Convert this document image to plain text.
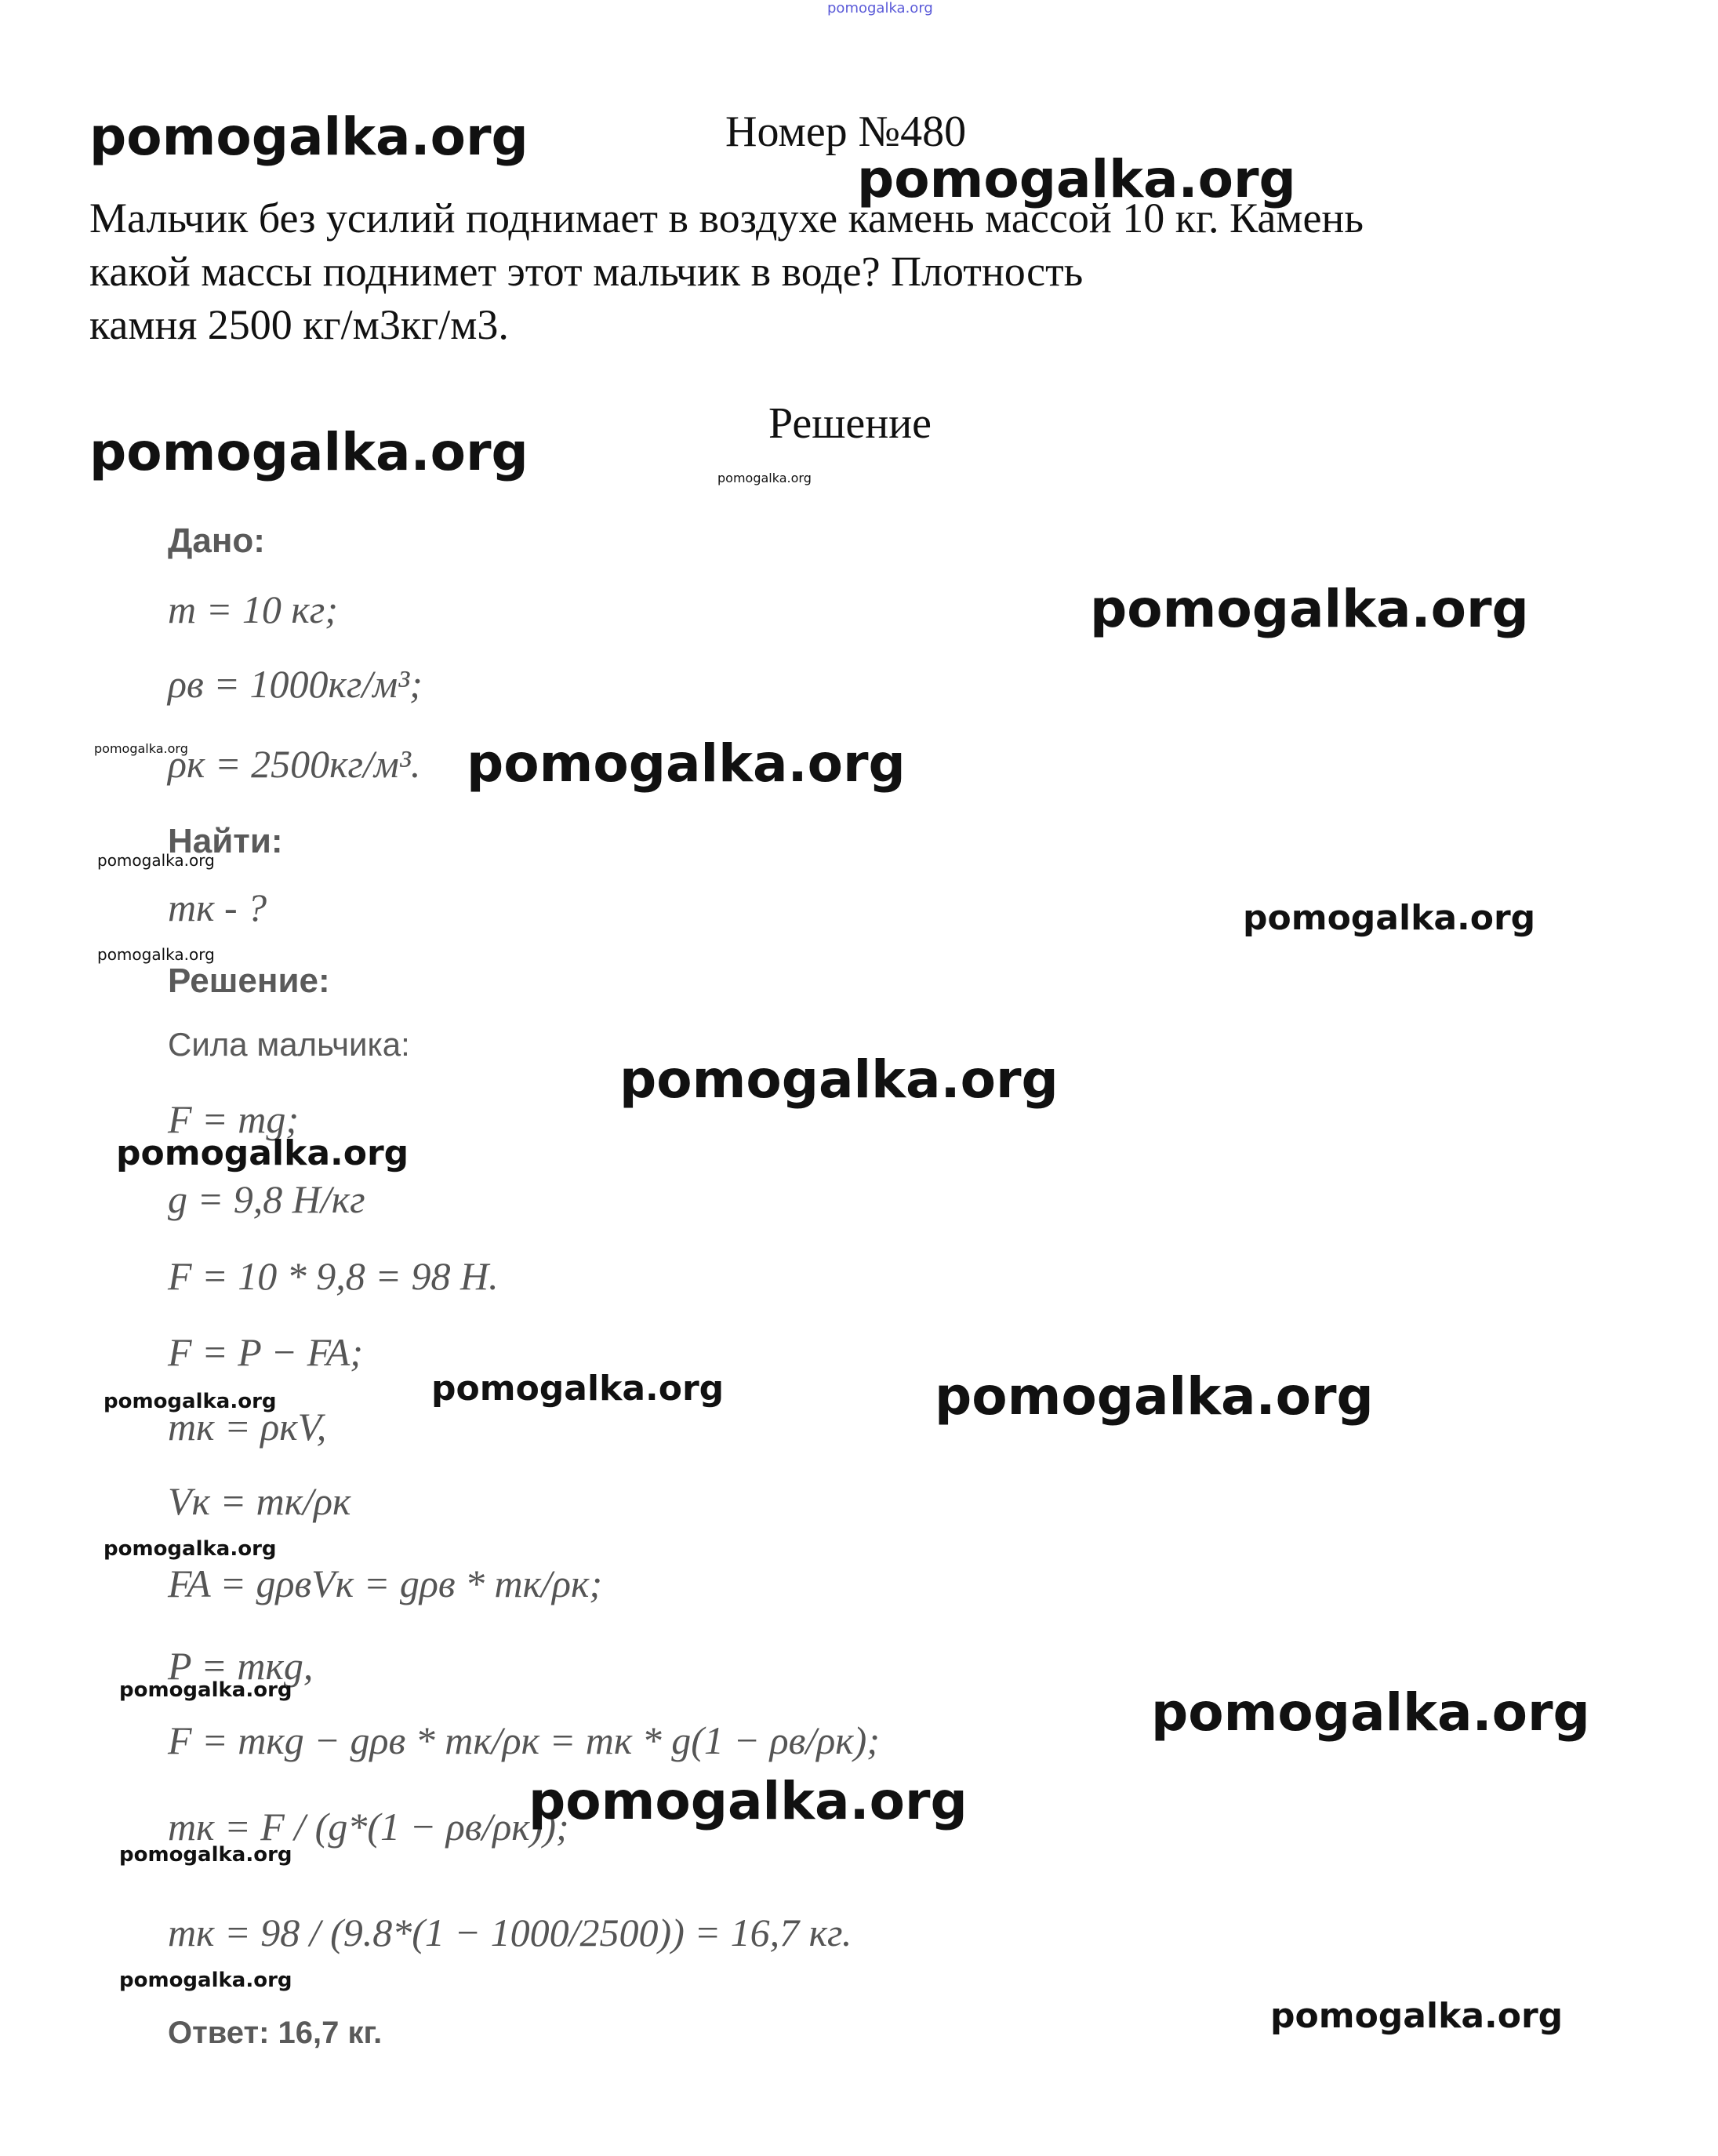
pomogalka.org
pomogalka.org	Номер №480
pomogalka.org
Мальчик без усилий поднимает в воздухе камень массой 10 кг. Камень
какой массы поднимет этот мальчик в воде? Плотность
камня 2500 кг/м3кг/м3.
Решение
pomogalka.org	pomogalka.org
Дано:
m = 10 кг;
ρв = 1000кг/м³;
ρк = 2500кг/м³.
Найти:
mк - ?
Решение:
Сила мальчика:
F = mg;
g = 9,8 Н/кг
F = 10 * 9,8 = 98 Н.
F = P − FA;
mк = ρкV,
Vк = mк/ρк
FA = gρвVк = gρв * mк/ρк;
P = mкg,
F = mкg − gρв * mк/ρк = mк * g(1 − ρв/ρк);
mк = F / (g*(1 − ρв/ρк));
mк = 98 / (9.8*(1 − 1000/2500)) = 16,7 кг.
Ответ: 16,7 кг.
pomogalka.org
pomogalka.org	pomogalka.org
pomogalka.org
pomogalka.org
pomogalka.org
pomogalka.org
pomogalka.org
pomogalka.org	pomogalka.org
pomogalka.org
pomogalka.org
pomogalka.org	pomogalka.org
pomogalka.org
pomogalka.org
pomogalka.org
pomogalka.org
